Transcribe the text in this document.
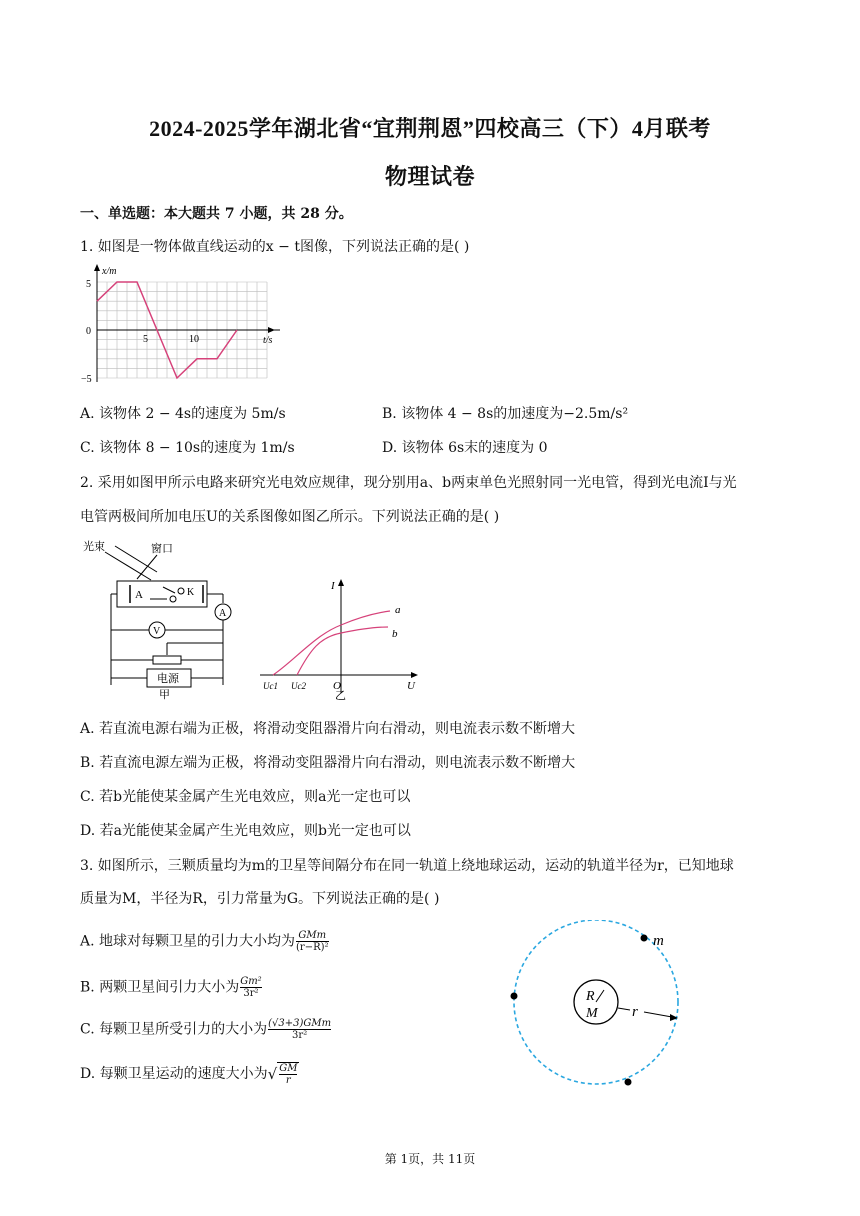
2024-2025学年湖北省“宜荆荆恩”四校高三（下）4月联考
物理试卷
一、单选题：本大题共 7 小题，共 28 分。
1. 如图是一物体做直线运动的x − t图像，下列说法正确的是( )
x/m
t/s
5
0
−5
5	10
A. 该物体 2 − 4s的速度为 5m/s	B. 该物体 4 − 8s的加速度为−2.5m/s²
C. 该物体 8 − 10s的速度为 1m/s	D. 该物体 6s末的速度为 0
2. 采用如图甲所示电路来研究光电效应规律，现分别用a、b两束单色光照射同一光电管，得到光电流I与光
电管两极间所加电压U的关系图像如图乙所示。下列说法正确的是( )
光束	窗口
A	K
A
V
电源
甲
I
U
O
Uc1 Uc2
a
b
乙
A. 若直流电源右端为正极，将滑动变阻器滑片向右滑动，则电流表示数不断增大
B. 若直流电源左端为正极，将滑动变阻器滑片向右滑动，则电流表示数不断增大
C. 若b光能使某金属产生光电效应，则a光一定也可以
D. 若a光能使某金属产生光电效应，则b光一定也可以
3. 如图所示，三颗质量均为m的卫星等间隔分布在同一轨道上绕地球运动，运动的轨道半径为r，已知地球
质量为M，半径为R，引力常量为G。下列说法正确的是( )
A. 地球对每颗卫星的引力大小均为 GMm
(r−R)²
B. 两颗卫星间引力大小为 $\frac{\text{Gm²}}{\text{3r²}}$
C. 每颗卫星所受引力的大小为 (√3+3)GMm
3r²
D. 每颗卫星运动的速度大小为√ $\frac{GM}{r}$
R
M r
m
第 1页，共 11页
